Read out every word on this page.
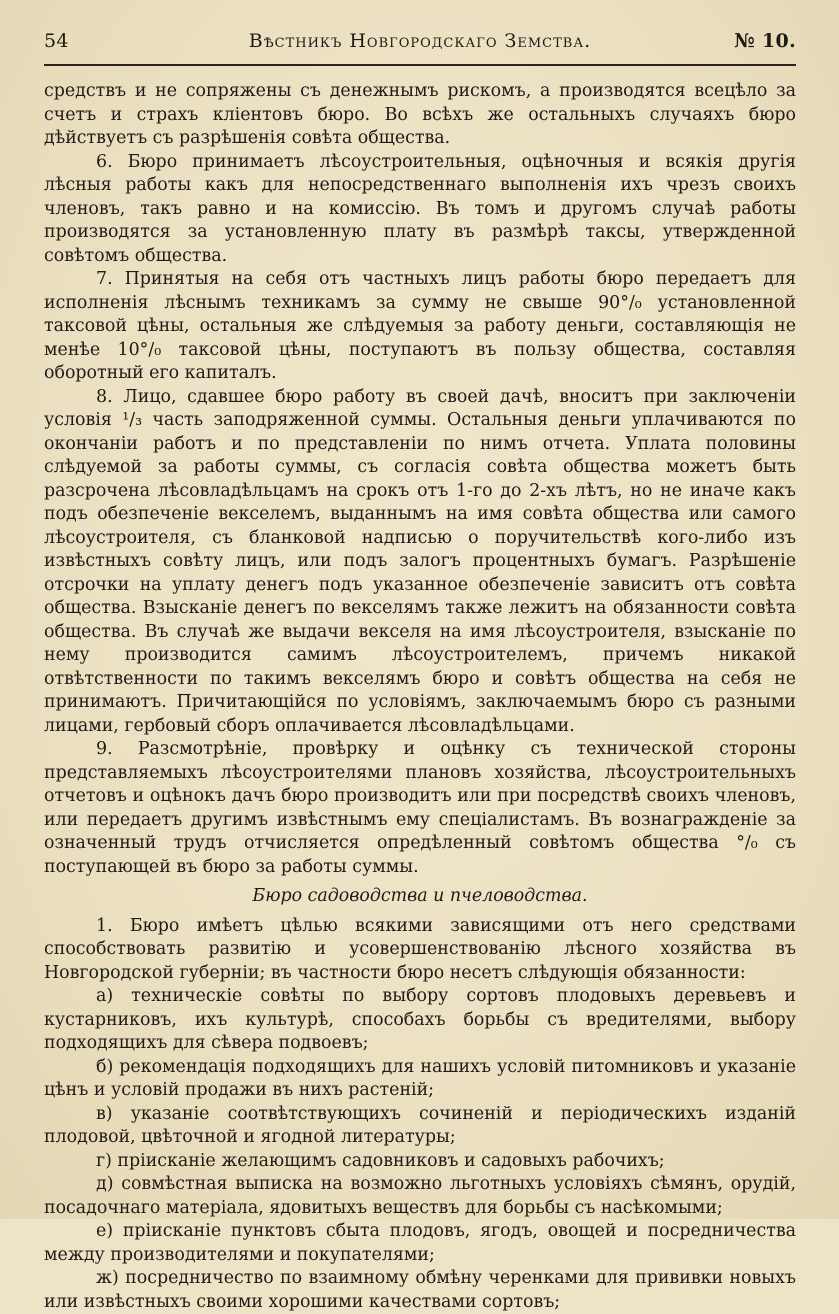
54	Вѣстникъ Новгородскаго Земства.	№ 10.

средствъ и не сопряжены съ денежнымъ рискомъ, а производятся всецѣло за счетъ и страхъ клiентовъ бюро. Во всѣхъ же остальныхъ случаяхъ бюро дѣйствуетъ съ разрѣшенiя совѣта общества.

6. Бюро принимаетъ лѣсоустроительныя, оцѣночныя и всякiя другiя лѣсныя работы какъ для непосредственнаго выполненiя ихъ чрезъ своихъ членовъ, такъ равно и на комиссiю. Въ томъ и другомъ случаѣ работы производятся за установленную плату въ размѣрѣ таксы, утвержденной совѣтомъ общества.

7. Принятыя на себя отъ частныхъ лицъ работы бюро передаетъ для исполненiя лѣснымъ техникамъ за сумму не свыше 90°/₀ установленной таксовой цѣны, остальныя же слѣдуемыя за работу деньги, составляющiя не менѣе 10°/₀ таксовой цѣны, поступаютъ въ пользу общества, составляя оборотный его капиталъ.

8. Лицо, сдавшее бюро работу въ своей дачѣ, вноситъ при заключенiи условiя ¹/₃ часть заподряженной суммы. Остальныя деньги уплачиваются по окончанiи работъ и по представленiи по нимъ отчета. Уплата половины слѣдуемой за работы суммы, съ согласiя совѣта общества можетъ быть разсрочена лѣсовладѣльцамъ на срокъ отъ 1-го до 2-хъ лѣтъ, но не иначе какъ подъ обезпеченiе векселемъ, выданнымъ на имя совѣта общества или самого лѣсоустроителя, съ бланковой надписью о поручительствѣ кого-либо изъ извѣстныхъ совѣту лицъ, или подъ залогъ процентныхъ бумагъ. Разрѣшенiе отсрочки на уплату денегъ подъ указанное обезпеченiе зависитъ отъ совѣта общества. Взысканiе денегъ по векселямъ также лежитъ на обязанности совѣта общества. Въ случаѣ же выдачи векселя на имя лѣсоустроителя, взысканiе по нему производится самимъ лѣсоустроителемъ, причемъ никакой отвѣтственности по такимъ векселямъ бюро и совѣтъ общества на себя не принимаютъ. Причитающiйся по условiямъ, заключаемымъ бюро съ разными лицами, гербовый сборъ оплачивается лѣсовладѣльцами.

9. Разсмотрѣнiе, провѣрку и оцѣнку съ технической стороны представляемыхъ лѣсоустроителями плановъ хозяйства, лѣсоустроительныхъ отчетовъ и оцѣнокъ дачъ бюро производитъ или при посредствѣ своихъ членовъ, или передаетъ другимъ извѣстнымъ ему спецiалистамъ. Въ вознагражденiе за означенный трудъ отчисляется опредѣленный совѣтомъ общества °/₀ съ поступающей въ бюро за работы суммы.

Бюро садоводства и пчеловодства.

1. Бюро имѣетъ цѣлью всякими зависящими отъ него средствами способствовать развитiю и усовершенствованiю лѣсного хозяйства въ Новгородской губернiи; въ частности бюро несетъ слѣдующiя обязанности:

а) техническiе совѣты по выбору сортовъ плодовыхъ деревьевъ и кустарниковъ, ихъ культурѣ, способахъ борьбы съ вредителями, выбору подходящихъ для сѣвера подвоевъ;

б) рекомендацiя подходящихъ для нашихъ условiй питомниковъ и указанiе цѣнъ и условiй продажи въ нихъ растенiй;

в) указанiе соотвѣтствующихъ сочиненiй и перiодическихъ изданiй плодовой, цвѣточной и ягодной литературы;

г) прiисканiе желающимъ садовниковъ и садовыхъ рабочихъ;

д) совмѣстная выписка на возможно льготныхъ условiяхъ сѣмянъ, орудiй, посадочнаго матерiала, ядовитыхъ веществъ для борьбы съ насѣкомыми;

е) прiисканiе пунктовъ сбыта плодовъ, ягодъ, овощей и посредничества между производителями и покупателями;

ж) посредничество по взаимному обмѣну черенками для прививки новыхъ или извѣстныхъ своими хорошими качествами сортовъ;
